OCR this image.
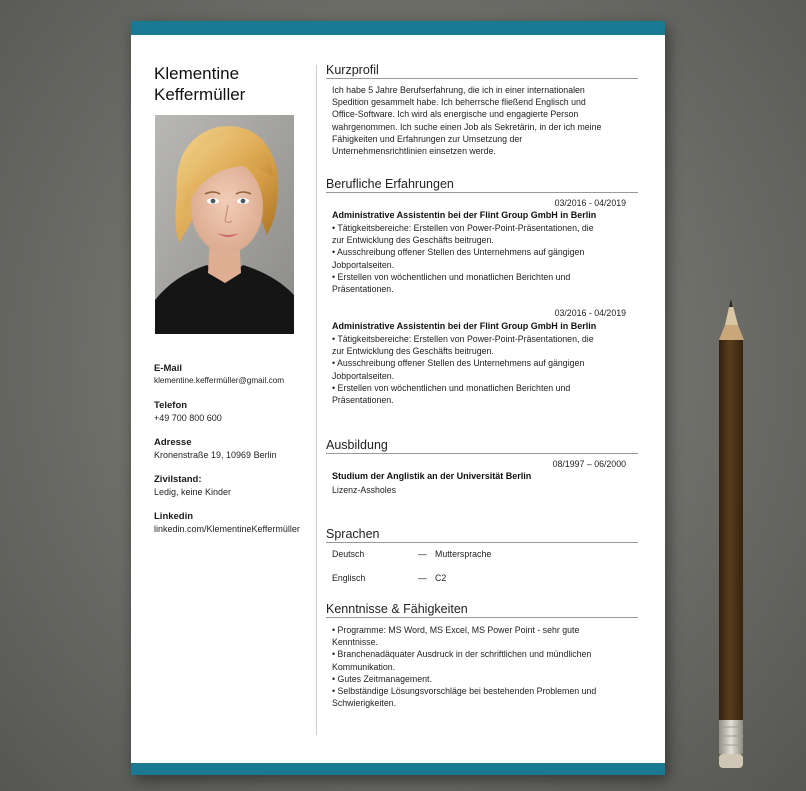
Klementine
Keffermüller
E-Mail
klementine.keffermüller@gmail.com
Telefon
+49 700 800 600
Adresse
Kronenstraße 19, 10969 Berlin
Zivilstand:
Ledig, keine Kinder
Linkedin
linkedin.com/KlementineKeffermüller
Kurzprofil
Ich habe 5 Jahre Berufserfahrung, die ich in einer internationalen
Spedition gesammelt habe. Ich beherrsche fließend Englisch und
Office-Software. Ich wird als energische und engagierte Person
wahrgenommen. Ich suche einen Job als Sekretärin, in der ich meine
Fähigkeiten und Erfahrungen zur Umsetzung der
Unternehmensrichtlinien einsetzen werde.
Berufliche Erfahrungen
03/2016 - 04/2019
Administrative Assistentin bei der Flint Group GmbH in Berlin
• Tätigkeitsbereiche: Erstellen von Power-Point-Präsentationen, die
zur Entwicklung des Geschäfts beitrugen.
• Ausschreibung offener Stellen des Unternehmens auf gängigen
Jobportalseiten.
• Erstellen von wöchentlichen und monatlichen Berichten und
Präsentationen.
03/2016 - 04/2019
Administrative Assistentin bei der Flint Group GmbH in Berlin
• Tätigkeitsbereiche: Erstellen von Power-Point-Präsentationen, die
zur Entwicklung des Geschäfts beitrugen.
• Ausschreibung offener Stellen des Unternehmens auf gängigen
Jobportalseiten.
• Erstellen von wöchentlichen und monatlichen Berichten und
Präsentationen.
Ausbildung
08/1997 – 06/2000
Studium der Anglistik an der Universität Berlin
Lizenz-Assholes
Sprachen
Deutsch	— Muttersprache
Englisch	— C2
Kenntnisse & Fähigkeiten
• Programme: MS Word, MS Excel, MS Power Point - sehr gute
Kenntnisse.
• Branchenadäquater Ausdruck in der schriftlichen und mündlichen
Kommunikation.
• Gutes Zeitmanagement.
• Selbständige Lösungsvorschläge bei bestehenden Problemen und
Schwierigkeiten.
